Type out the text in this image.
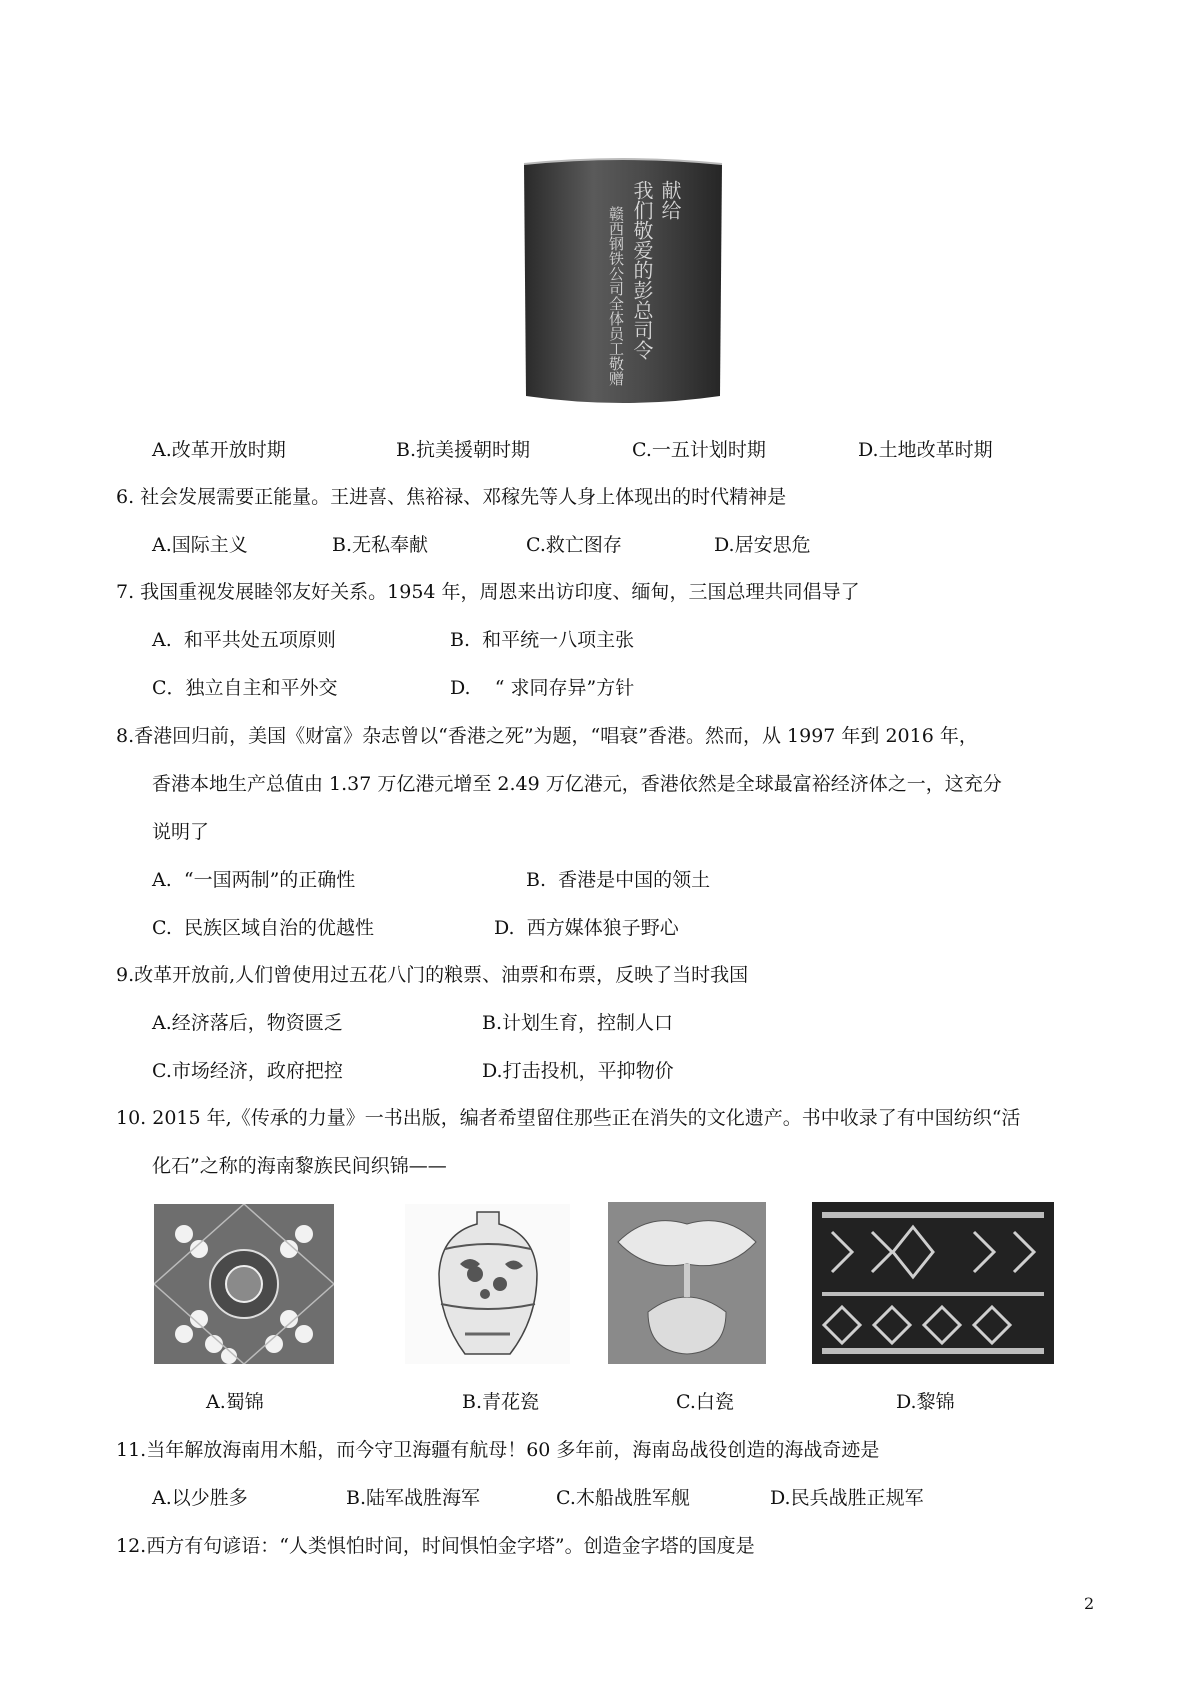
献给
我们敬爱的彭总司令
赣西钢铁公司全体员工敬赠
A.改革开放时期	B.抗美援朝时期	C.一五计划时期	D.土地改革时期
6. 社会发展需要正能量。王进喜、焦裕禄、邓稼先等人身上体现出的时代精神是
A.国际主义	B.无私奉献	C.救亡图存	D.居安思危
7. 我国重视发展睦邻友好关系。1954 年，周恩来出访印度、缅甸，三国总理共同倡导了
A. 和平共处五项原则	B. 和平统一八项主张
C．独立自主和平外交	D. “ 求同存异”方针
8.香港回归前，美国《财富》杂志曾以“香港之死”为题，“唱衰”香港。然而，从 1997 年到 2016 年，
香港本地生产总值由 1.37 万亿港元增至 2.49 万亿港元，香港依然是全球最富裕经济体之一，这充分
说明了
A. “一国两制”的正确性	B. 香港是中国的领土
C. 民族区域自治的优越性	D. 西方媒体狼子野心
9.改革开放前,人们曾使用过五花八门的粮票、油票和布票，反映了当时我国
A.经济落后，物资匮乏	B.计划生育，控制人口
C.市场经济，政府把控	D.打击投机，平抑物价
10. 2015 年,《传承的力量》一书出版，编者希望留住那些正在消失的文化遗产。书中收录了有中国纺织“活
化石”之称的海南黎族民间织锦——
A.蜀锦	B.青花瓷	C.白瓷	D.黎锦
11.当年解放海南用木船，而今守卫海疆有航母！60 多年前，海南岛战役创造的海战奇迹是
A.以少胜多	B.陆军战胜海军	C.木船战胜军舰	D.民兵战胜正规军
12.西方有句谚语：“人类惧怕时间，时间惧怕金字塔”。创造金字塔的国度是
2
